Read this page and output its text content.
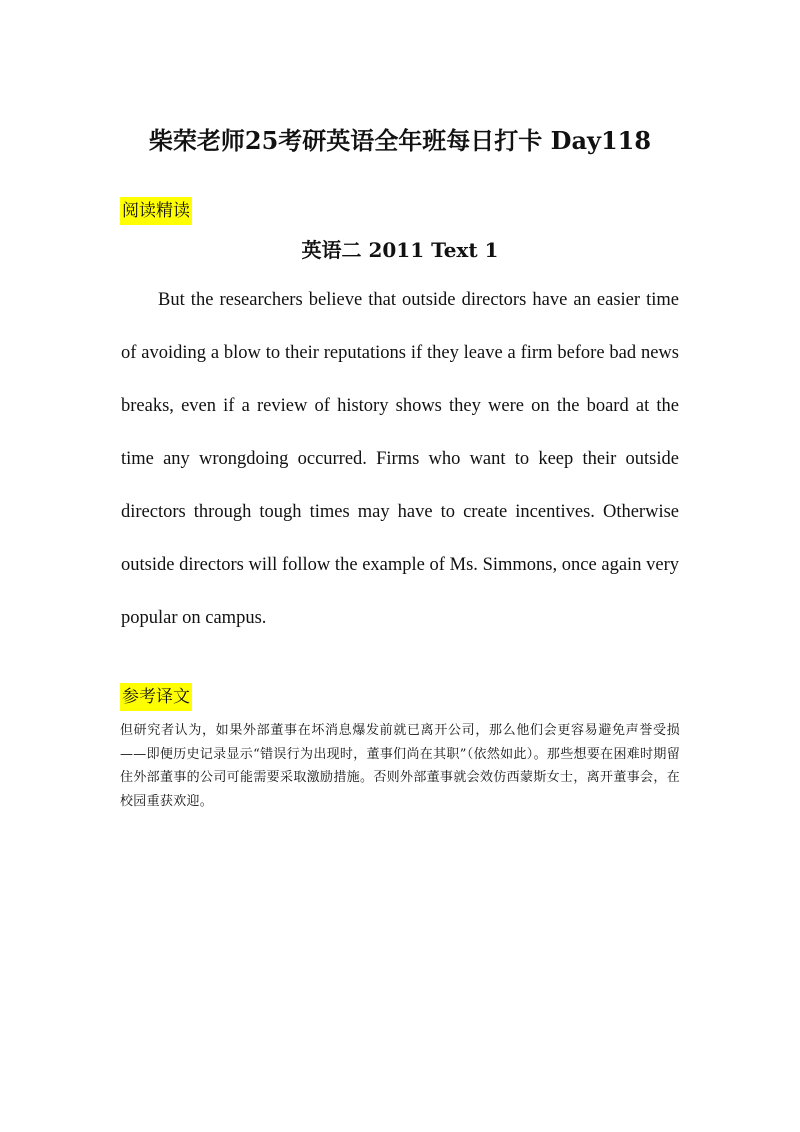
柴荣老师25考研英语全年班每日打卡 Day118
阅读精读
英语二 2011 Text 1

But the researchers believe that outside directors have an easier time of avoiding a blow to their reputations if they leave a firm before bad news breaks, even if a review of history shows they were on the board at the time any wrongdoing occurred. Firms who want to keep their outside directors through tough times may have to create incentives. Otherwise outside directors will follow the example of Ms. Simmons, once again very popular on campus.

参考译文

但研究者认为，如果外部董事在坏消息爆发前就已离开公司，那么他们会更容易避免声誉受损——即便历史记录显示“错误行为出现时，董事们尚在其职”（依然如此）。那些想要在困难时期留住外部董事的公司可能需要采取激励措施。否则外部董事就会效仿西蒙斯女士，离开董事会，在校园重获欢迎。
